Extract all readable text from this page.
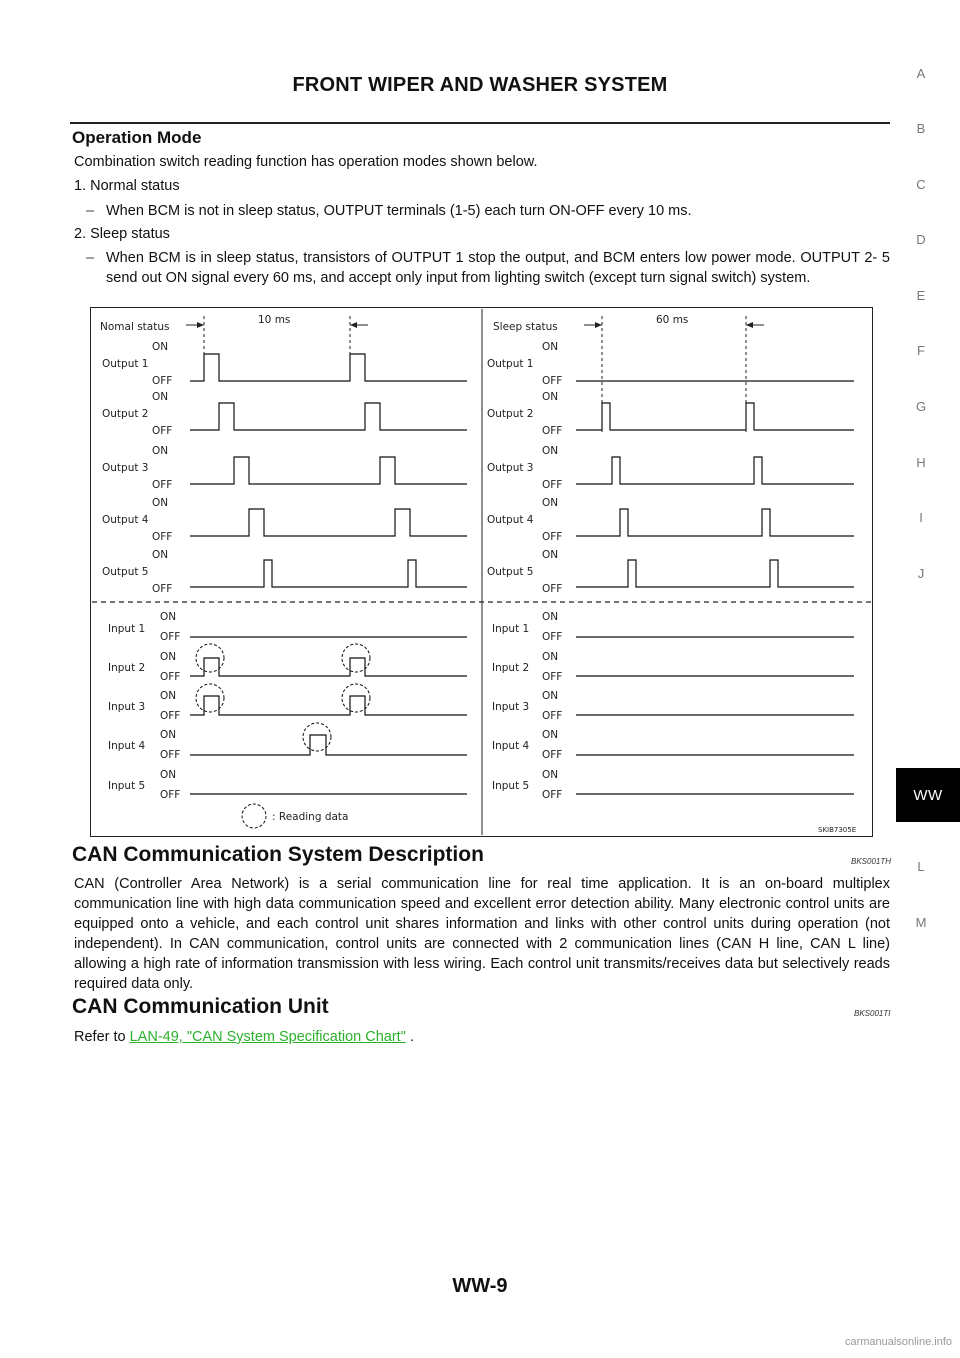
FRONT WIPER AND WASHER SYSTEM
Operation Mode
Combination switch reading function has operation modes shown below.
1. Normal status
– When BCM is not in sleep status, OUTPUT terminals (1-5) each turn ON-OFF every 10 ms.
2. Sleep status
– When BCM is in sleep status, transistors of OUTPUT 1 stop the output, and BCM enters low power mode. OUTPUT 2- 5 send out ON signal every 60 ms, and accept only input from lighting switch (except turn signal switch) system.
Nomal status	Sleep status
10 ms	60 ms
Output 1
ON
OFF
Output 2
ON
OFF
Output 3
ON
OFF
Output 4
ON
OFF
Output 5
ON
OFF
Output 1
ON
OFF
Output 2
ON
OFF
Output 3
ON
OFF
Output 4
ON
OFF
Output 5
ON
OFF
Input 1
ON
OFF
Input 2
ON
OFF
Input 3
ON
OFF
Input 4
ON
OFF
Input 5
ON
OFF
: Reading data
Input 1
ON
OFF
Input 2
ON
OFF
Input 3
ON
OFF
Input 4
ON
OFF
Input 5
ON
OFF
SKIB7305E
CAN Communication System Description	BKS001TH
CAN (Controller Area Network) is a serial communication line for real time application. It is an on-board multiplex communication line with high data communication speed and excellent error detection ability. Many electronic control units are equipped onto a vehicle, and each control unit shares information and links with other control units during operation (not independent). In CAN communication, control units are connected with 2 communication lines (CAN H line, CAN L line) allowing a high rate of information transmission with less wiring. Each control unit transmits/receives data but selectively reads required data only.
CAN Communication Unit	BKS001TI
Refer to LAN-49, "CAN System Specification Chart" .
A
B
C
D
E
F
G
H
I
J
WW
L
M
WW-9
carmanualsonline.info
